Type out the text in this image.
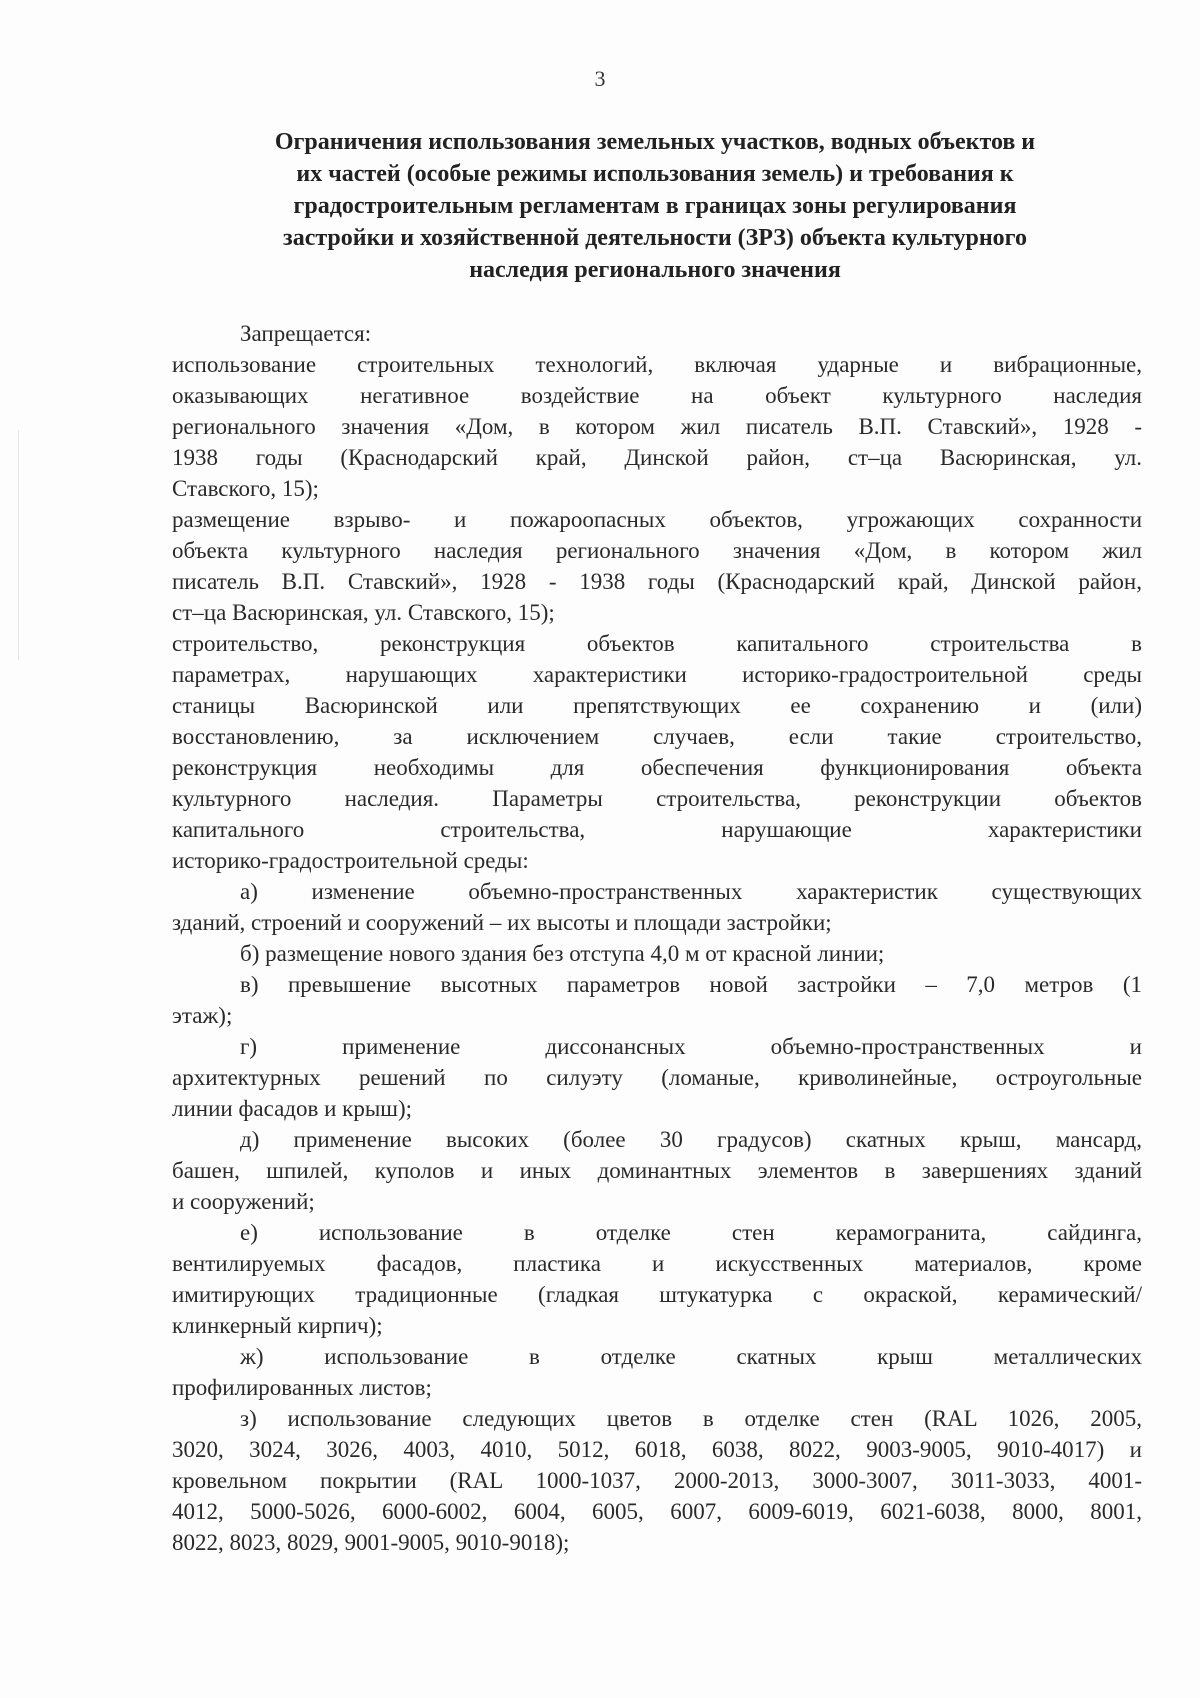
3
Ограничения использования земельных участков, водных объектов и
их частей (особые режимы использования земель) и требования к
градостроительным регламентам в границах зоны регулирования
застройки и хозяйственной деятельности (ЗРЗ) объекта культурного
наследия регионального значения
Запрещается:
использование строительных технологий, включая ударные и вибрационные,
оказывающих негативное воздействие на объект культурного наследия
регионального значения «Дом, в котором жил писатель В.П. Ставский», 1928 -
1938 годы (Краснодарский край, Динской район, ст–ца Васюринская, ул.
Ставского, 15);
размещение взрыво- и пожароопасных объектов, угрожающих сохранности
объекта культурного наследия регионального значения «Дом, в котором жил
писатель В.П. Ставский», 1928 - 1938 годы (Краснодарский край, Динской район,
ст–ца Васюринская, ул. Ставского, 15);
строительство, реконструкция объектов капитального строительства в
параметрах, нарушающих характеристики историко-градостроительной среды
станицы Васюринской или препятствующих ее сохранению и (или)
восстановлению, за исключением случаев, если такие строительство,
реконструкция необходимы для обеспечения функционирования объекта
культурного наследия. Параметры строительства, реконструкции объектов
капитального строительства, нарушающие характеристики
историко-градостроительной среды:
а) изменение объемно-пространственных характеристик существующих
зданий, строений и сооружений – их высоты и площади застройки;
б) размещение нового здания без отступа 4,0 м от красной линии;
в) превышение высотных параметров новой застройки – 7,0 метров (1
этаж);
г) применение диссонансных объемно-пространственных и
архитектурных решений по силуэту (ломаные, криволинейные, остроугольные
линии фасадов и крыш);
д) применение высоких (более 30 градусов) скатных крыш, мансард,
башен, шпилей, куполов и иных доминантных элементов в завершениях зданий
и сооружений;
е) использование в отделке стен керамогранита, сайдинга,
вентилируемых фасадов, пластика и искусственных материалов, кроме
имитирующих традиционные (гладкая штукатурка с окраской, керамический/
клинкерный кирпич);
ж) использование в отделке скатных крыш металлических
профилированных листов;
з) использование следующих цветов в отделке стен (RAL 1026, 2005,
3020, 3024, 3026, 4003, 4010, 5012, 6018, 6038, 8022, 9003-9005, 9010-4017) и
кровельном покрытии (RAL 1000-1037, 2000-2013, 3000-3007, 3011-3033, 4001-
4012, 5000-5026, 6000-6002, 6004, 6005, 6007, 6009-6019, 6021-6038, 8000, 8001,
8022, 8023, 8029, 9001-9005, 9010-9018);
